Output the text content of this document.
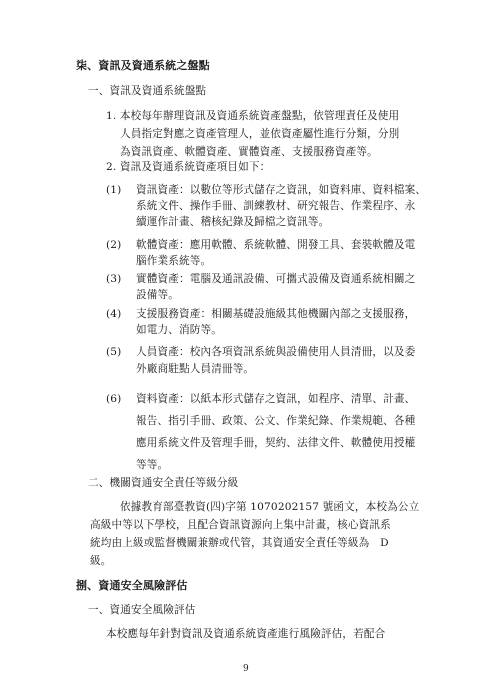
柒、資訊及資通系統之盤點
一、資訊及資通系統盤點
1. 本校每年辦理資訊及資通系統資產盤點，依管理責任及使用
人員指定對應之資產管理人，並依資產屬性進行分類，分別
為資訊資產、軟體資產、實體資產、支援服務資產等。
2. 資訊及資通系統資產項目如下：
(1) 資訊資產：以數位等形式儲存之資訊，如資料庫、資料檔案、
系統文件、操作手冊、訓練教材、研究報告、作業程序、永
續運作計畫、稽核紀錄及歸檔之資訊等。
(2) 軟體資產：應用軟體、系統軟體、開發工具、套裝軟體及電
腦作業系統等。
(3) 實體資產：電腦及通訊設備、可攜式設備及資通系統相關之
設備等。
(4) 支援服務資產：相關基礎設施級其他機關內部之支援服務，
如電力、消防等。
(5) 人員資產：校內各項資訊系統與設備使用人員清冊，以及委
外廠商駐點人員清冊等。
(6) 資料資產：以紙本形式儲存之資訊，如程序、清單、計畫、
報告、指引手冊、政策、公文、作業紀錄、作業規範、各種
應用系統文件及管理手冊，契約、法律文件、軟體使用授權
等等。
二、機關資通安全責任等級分級
依據教育部臺教資(四)字第 1070202157 號函文，本校為公立
高級中等以下學校，且配合資訊資源向上集中計畫，核心資訊系
統均由上級或監督機關兼辦或代管，其資通安全責任等級為　D
級。
捌、資通安全風險評估
一、資通安全風險評估
本校應每年針對資訊及資通系統資產進行風險評估，若配合
9
